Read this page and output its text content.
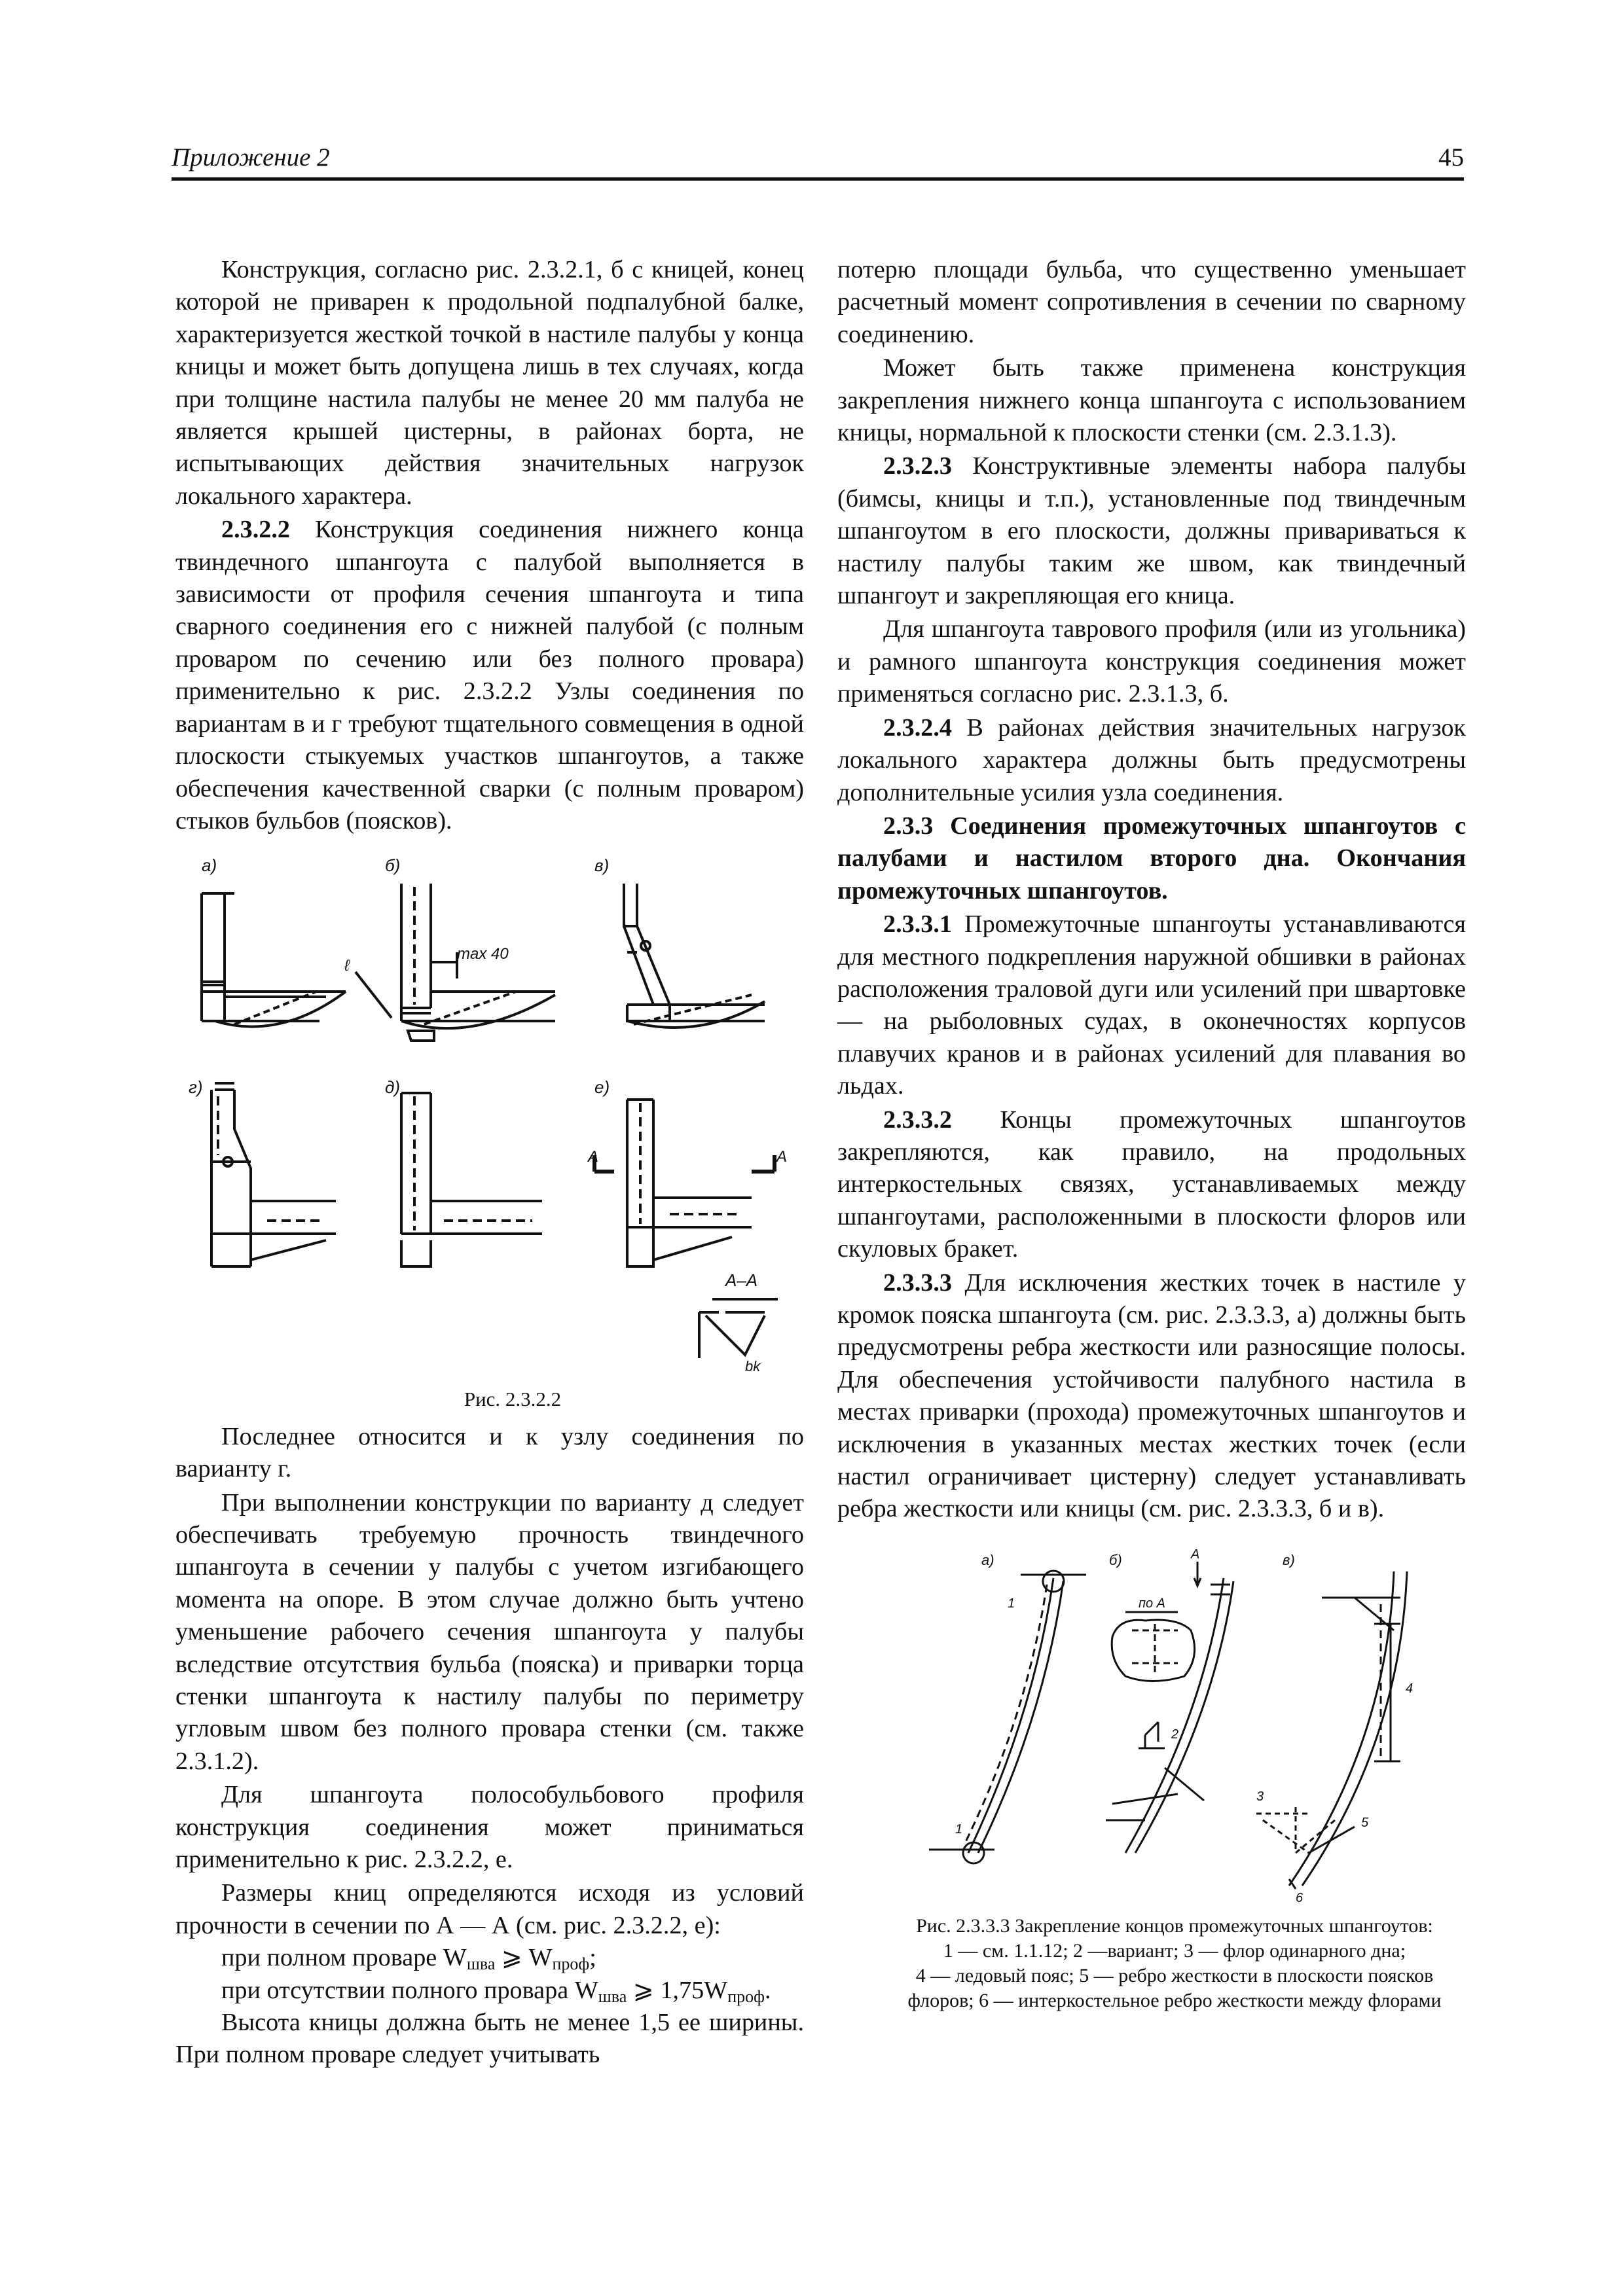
Приложение 2	45

Конструкция, согласно рис. 2.3.2.1, б с кницей, конец которой не приварен к продольной подпалубной балке, характеризуется жесткой точкой в настиле палубы у конца кницы и может быть допущена лишь в тех случаях, когда при толщине настила палубы не менее 20 мм палуба не является крышей цистерны, в районах борта, не испытывающих действия значительных нагрузок локального характера.

2.3.2.2 Конструкция соединения нижнего конца твиндечного шпангоута с палубой выполняется в зависимости от профиля сечения шпангоута и типа сварного соединения его с нижней палубой (с полным проваром по сечению или без полного провара) применительно к рис. 2.3.2.2 Узлы соединения по вариантам в и г требуют тщательного совмещения в одной плоскости стыкуемых участков шпангоутов, а также обеспечения качественной сварки (с полным проваром) стыков бульбов (поясков).

а)	б)
max 40
ℓ
в)
г)	д)	е)
А	А
А–А
bk

Рис. 2.3.2.2

Последнее относится и к узлу соединения по варианту г.

При выполнении конструкции по варианту д следует обеспечивать требуемую прочность твиндечного шпангоута в сечении у палубы с учетом изгибающего момента на опоре. В этом случае должно быть учтено уменьшение рабочего сечения шпангоута у палубы вследствие отсутствия бульба (пояска) и приварки торца стенки шпангоута к настилу палубы по периметру угловым швом без полного провара стенки (см. также 2.3.1.2).

Для шпангоута полособульбового профиля конструкция соединения может приниматься применительно к рис. 2.3.2.2, е.

Размеры книц определяются исходя из условий прочности в сечении по А — А (см. рис. 2.3.2.2, е):

при полном проваре $W_{шва}$ ⩾ $W_{проф}$;

при отсутствии полного провара $W_{шва}$ ⩾ $1,75W_{проф}$.

Высота кницы должна быть не менее 1,5 ее ширины. При полном проваре следует учитывать

потерю площади бульба, что существенно уменьшает расчетный момент сопротивления в сечении по сварному соединению.

Может быть также применена конструкция закрепления нижнего конца шпангоута с использованием кницы, нормальной к плоскости стенки (см. 2.3.1.3).

2.3.2.3 Конструктивные элементы набора палубы (бимсы, кницы и т.п.), установленные под твиндечным шпангоутом в его плоскости, должны привариваться к настилу палубы таким же швом, как твиндечный шпангоут и закрепляющая его кница.

Для шпангоута таврового профиля (или из угольника) и рамного шпангоута конструкция соединения может применяться согласно рис. 2.3.1.3, б.

2.3.2.4 В районах действия значительных нагрузок локального характера должны быть предусмотрены дополнительные усилия узла соединения.

2.3.3 Соединения промежуточных шпангоутов с палубами и настилом второго дна. Окончания промежуточных шпангоутов.

2.3.3.1 Промежуточные шпангоуты устанавливаются для местного подкрепления наружной обшивки в районах расположения траловой дуги или усилений при швартовке — на рыболовных судах, в оконечностях корпусов плавучих кранов и в районах усилений для плавания во льдах.

2.3.3.2 Концы промежуточных шпангоутов закрепляются, как правило, на продольных интеркостельных связях, устанавливаемых между шпангоутами, расположенными в плоскости флоров или скуловых бракет.

2.3.3.3 Для исключения жестких точек в настиле у кромок пояска шпангоута (см. рис. 2.3.3.3, а) должны быть предусмотрены ребра жесткости или разносящие полосы. Для обеспечения устойчивости палубного настила в местах приварки (прохода) промежуточных шпангоутов и исключения в указанных местах жестких точек (если настил ограничивает цистерну) следует устанавливать ребра жесткости или кницы (см. рис. 2.3.3.3, б и в).

а)
1
1
б)	А
по А
2
в)
4
3
5
6

Рис. 2.3.3.3 Закрепление концов промежуточных шпангоутов:

1 — см. 1.1.12; 2 —вариант; 3 — флор одинарного дна;

4 — ледовый пояс; 5 — ребро жесткости в плоскости поясков

флоров; 6 — интеркостельное ребро жесткости между флорами
